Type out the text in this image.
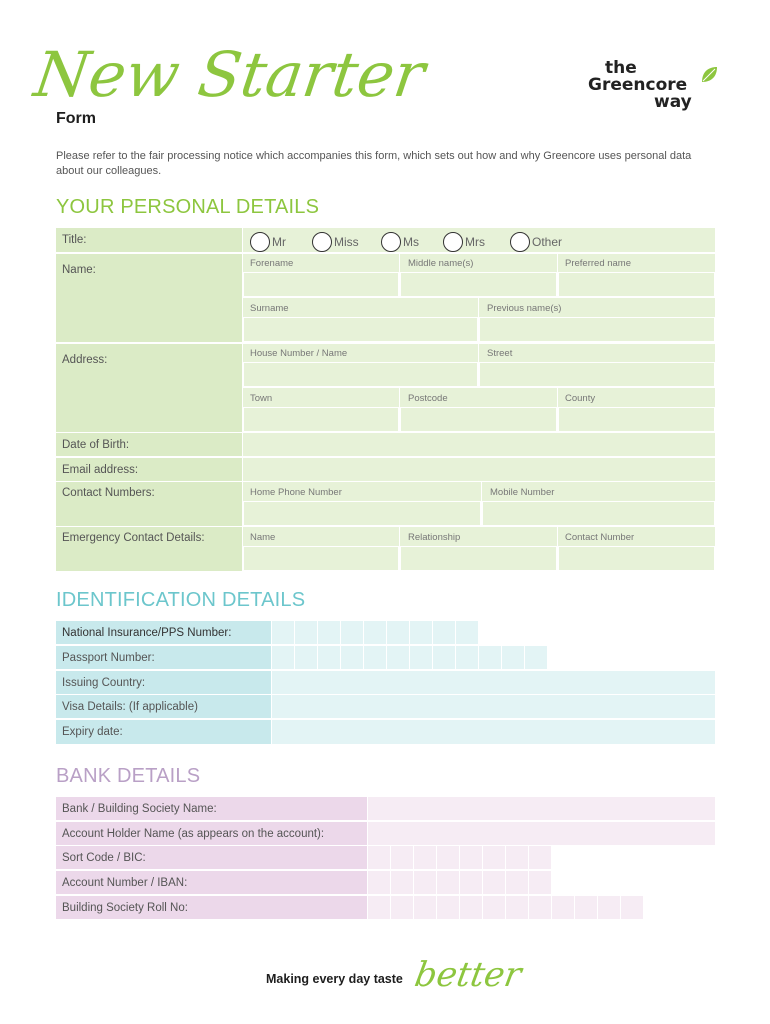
New Starter
Form
the
Greencore
way
Please refer to the fair processing notice which accompanies this form, which sets out how and why Greencore uses personal data about our colleagues.
YOUR PERSONAL DETAILS
Title:	Mr	Miss	Ms	Mrs	Other
Name:
Forename	Middle name(s)	Preferred name
Surname	Previous name(s)
Address:
House Number / Name	Street
Town	Postcode	County
Date of Birth:
Email address:
Contact Numbers:	Home Phone Number	Mobile Number
Emergency Contact Details:	Name	Relationship	Contact Number
IDENTIFICATION DETAILS
National Insurance/PPS Number:
Passport Number:
Issuing Country:
Visa Details: (If applicable)
Expiry date:
BANK DETAILS
Bank / Building Society Name:
Account Holder Name (as appears on the account):
Sort Code / BIC:
Account Number / IBAN:
Building Society Roll No:
Making every day taste better
